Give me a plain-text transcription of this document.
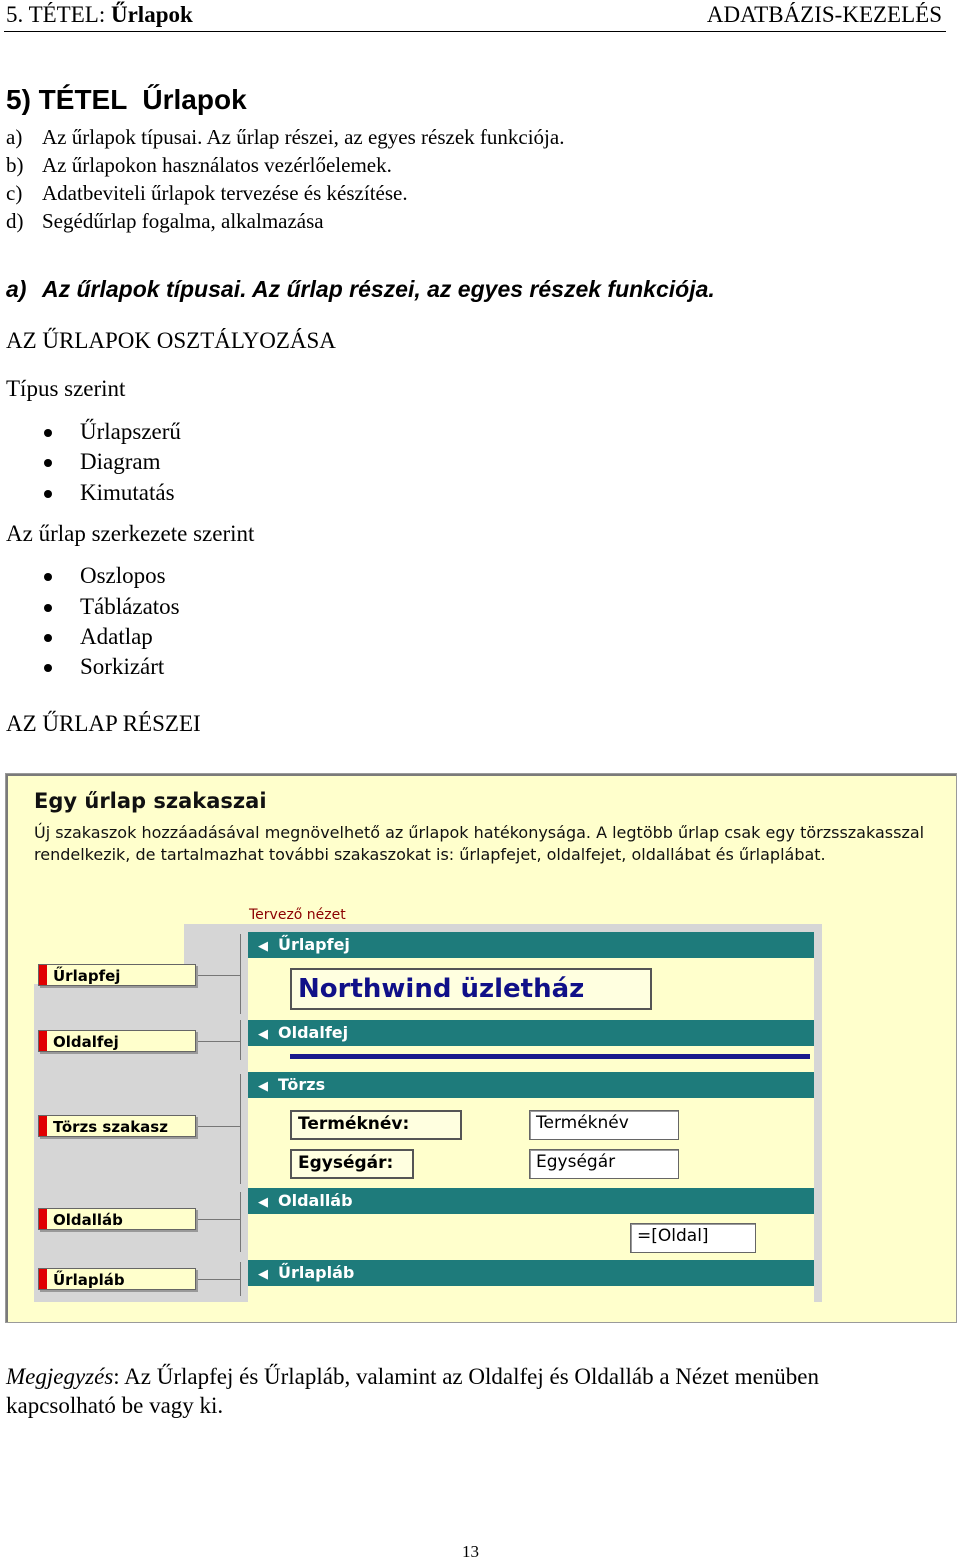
5. TÉTEL: Űrlapok	ADATBÁZIS-KEZELÉS
5) TÉTEL  Űrlapok
a) Az űrlapok típusai. Az űrlap részei, az egyes részek funkciója.
b) Az űrlapokon használatos vezérlőelemek.
c) Adatbeviteli űrlapok tervezése és készítése.
d) Segédűrlap fogalma, alkalmazása
a) Az űrlapok típusai. Az űrlap részei, az egyes részek funkciója.
AZ ŰRLAPOK OSZTÁLYOZÁSA
Típus szerint
Űrlapszerű
Diagram
Kimutatás
Az űrlap szerkezete szerint
Oszlopos
Táblázatos
Adatlap
Sorkizárt
AZ ŰRLAP RÉSZEI
Egy űrlap szakaszai
Új szakaszok hozzáadásával megnövelhető az űrlapok hatékonysága. A legtöbb űrlap csak egy törzsszakasszal rendelkezik, de tartalmazhat további szakaszokat is: űrlapfejet, oldalfejet, oldallábat és űrlaplábat.
Tervező nézet
Űrlapfej
Oldalfej
Törzs szakasz
Oldalláb
Űrlapláb
◀ Űrlapfej
Northwind üzletház
◀ Oldalfej
◀ Törzs
Terméknév:	Terméknév
Egységár:	Egységár
◀ Oldalláb
=[Oldal]
◀ Űrlapláb
Megjegyzés: Az Űrlapfej és Űrlapláb, valamint az Oldalfej és Oldalláb a Nézet menüben kapcsolható be vagy ki.
13
